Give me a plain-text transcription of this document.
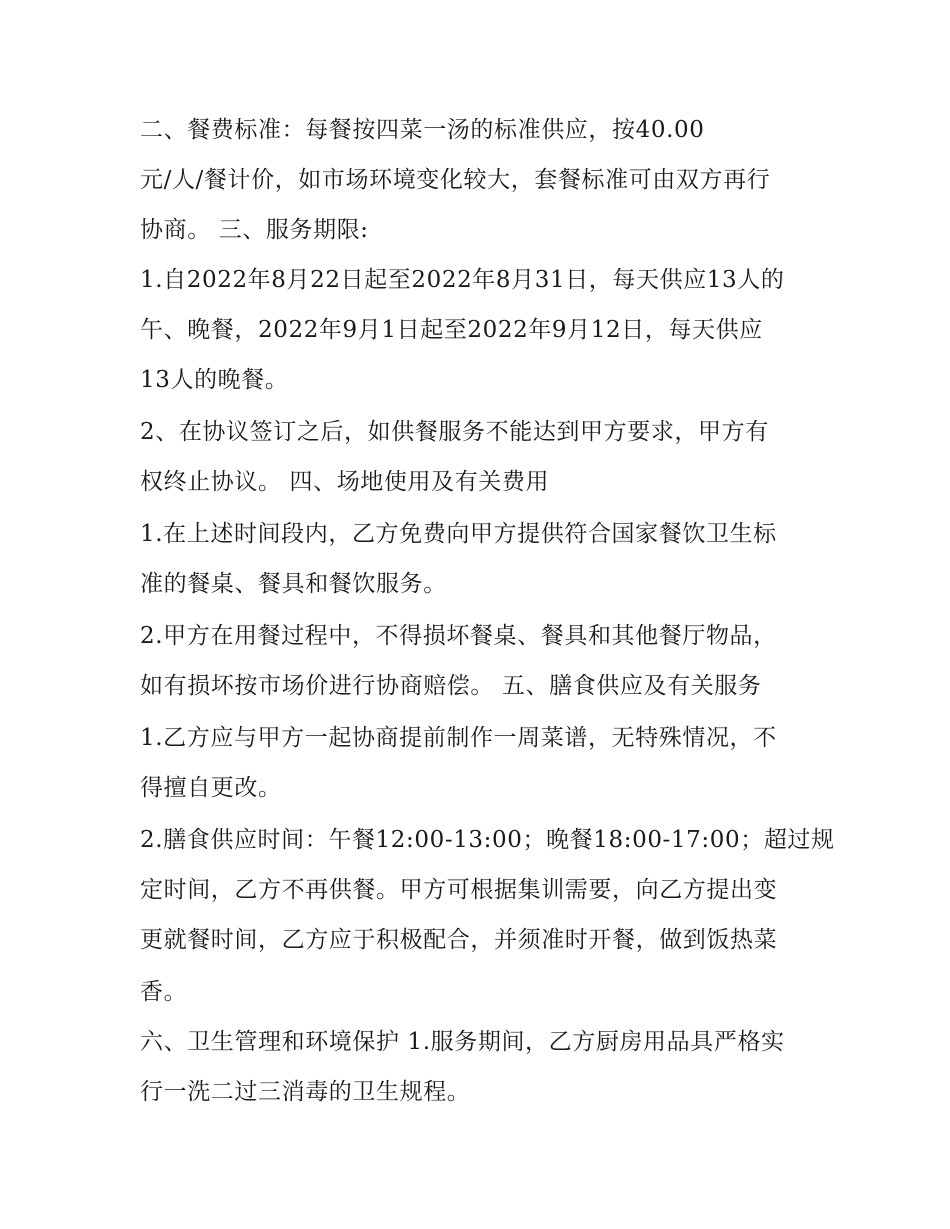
二、餐费标准：每餐按四菜一汤的标准供应，按40.00
元/人/餐计价，如市场环境变化较大，套餐标准可由双方再行
协商。 三、服务期限:
1.自2022年8月22日起至2022年8月31日，每天供应13人的
午、晚餐，2022年9月1日起至2022年9月12日，每天供应
13人的晚餐。
2、在协议签订之后，如供餐服务不能达到甲方要求，甲方有
权终止协议。 四、场地使用及有关费用
1.在上述时间段内，乙方免费向甲方提供符合国家餐饮卫生标
准的餐桌、餐具和餐饮服务。
2.甲方在用餐过程中，不得损坏餐桌、餐具和其他餐厅物品，
如有损坏按市场价进行协商赔偿。 五、膳食供应及有关服务
1.乙方应与甲方一起协商提前制作一周菜谱，无特殊情况，不
得擅自更改。
2.膳食供应时间：午餐12:00-13:00；晚餐18:00-17:00；超过规
定时间，乙方不再供餐。甲方可根据集训需要，向乙方提出变
更就餐时间，乙方应于积极配合，并须准时开餐，做到饭热菜
香。
六、卫生管理和环境保护 1.服务期间，乙方厨房用品具严格实
行一洗二过三消毒的卫生规程。
